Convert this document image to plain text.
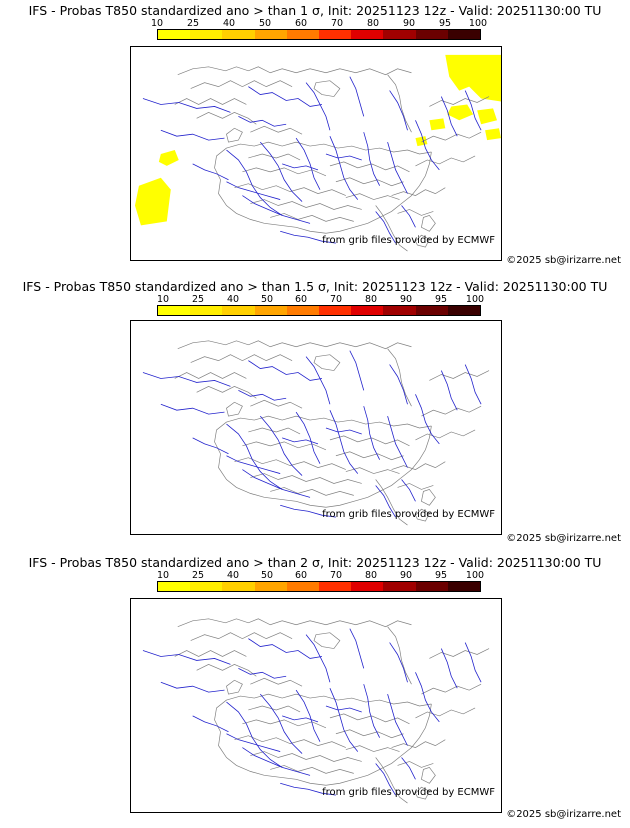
IFS - Probas T850 standardized ano > than 1 σ, Init: 20251123 12z - Valid: 20251130:00 TU
10	25	40	50	60	70	80	90	95 100
from grib files provided by ECMWF
©2025 sb@irizarre.net
IFS - Probas T850 standardized ano > than 1.5 σ, Init: 20251123 12z - Valid: 20251130:00 TU
10 25 40 50 60 70 80 90 95 100
from grib files provided by ECMWF
©2025 sb@irizarre.net
IFS - Probas T850 standardized ano > than 2 σ, Init: 20251123 12z - Valid: 20251130:00 TU
10 25 40 50 60 70 80 90 95 100
from grib files provided by ECMWF
©2025 sb@irizarre.net
